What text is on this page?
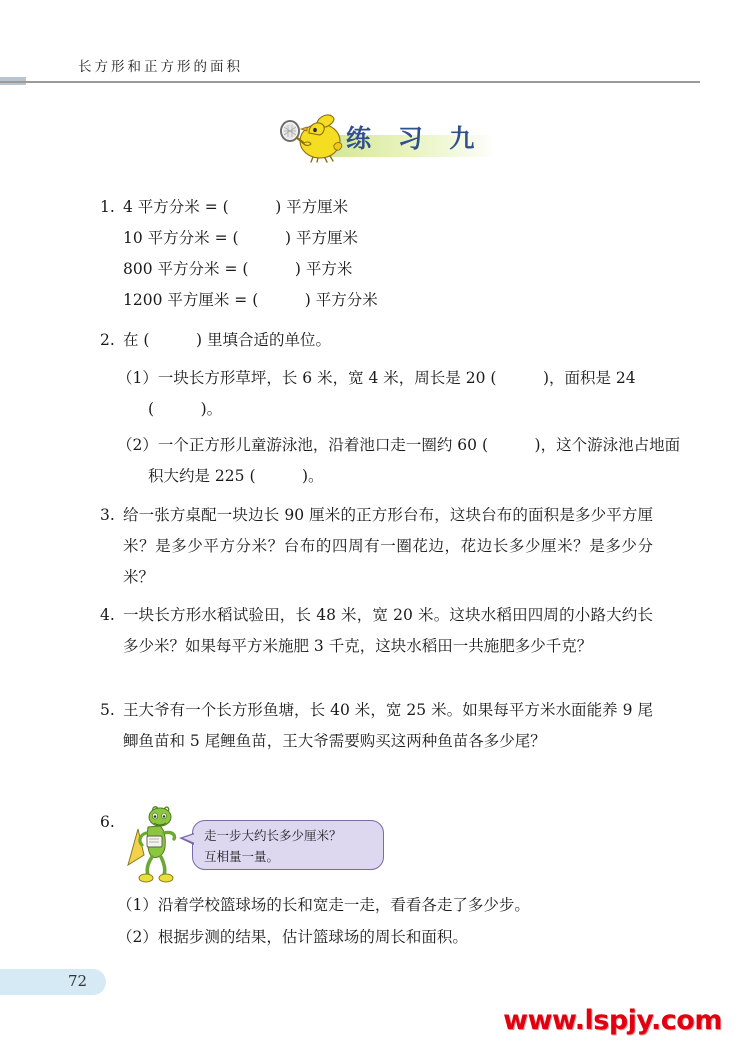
长方形和正方形的面积
练 习 九
1. 4 平方分米 = (	) 平方厘米
10 平方分米 = (	) 平方厘米
800 平方分米 = (	) 平方米
1200 平方厘米 = (	) 平方分米
2. 在 (	) 里填合适的单位。
（1）一块长方形草坪，长 6 米，宽 4 米，周长是 20 (	)，面积是 24 (	)。
（2）一个正方形儿童游泳池，沿着池口走一圈约 60 (	)，这个游泳池占地面积大约是 225 (	)。
3. 给一张方桌配一块边长 90 厘米的正方形台布，这块台布的面积是多少平方厘米？是多少平方分米？台布的四周有一圈花边，花边长多少厘米？是多少分米？
4. 一块长方形水稻试验田，长 48 米，宽 20 米。这块水稻田四周的小路大约长多少米？如果每平方米施肥 3 千克，这块水稻田一共施肥多少千克？
5. 王大爷有一个长方形鱼塘，长 40 米，宽 25 米。如果每平方米水面能养 9 尾鲫鱼苗和 5 尾鲤鱼苗，王大爷需要购买这两种鱼苗各多少尾？
6.
走一步大约长多少厘米？
互相量一量。
（1）沿着学校篮球场的长和宽走一走，看看各走了多少步。
（2）根据步测的结果，估计篮球场的周长和面积。
72
www.lspjy.com
